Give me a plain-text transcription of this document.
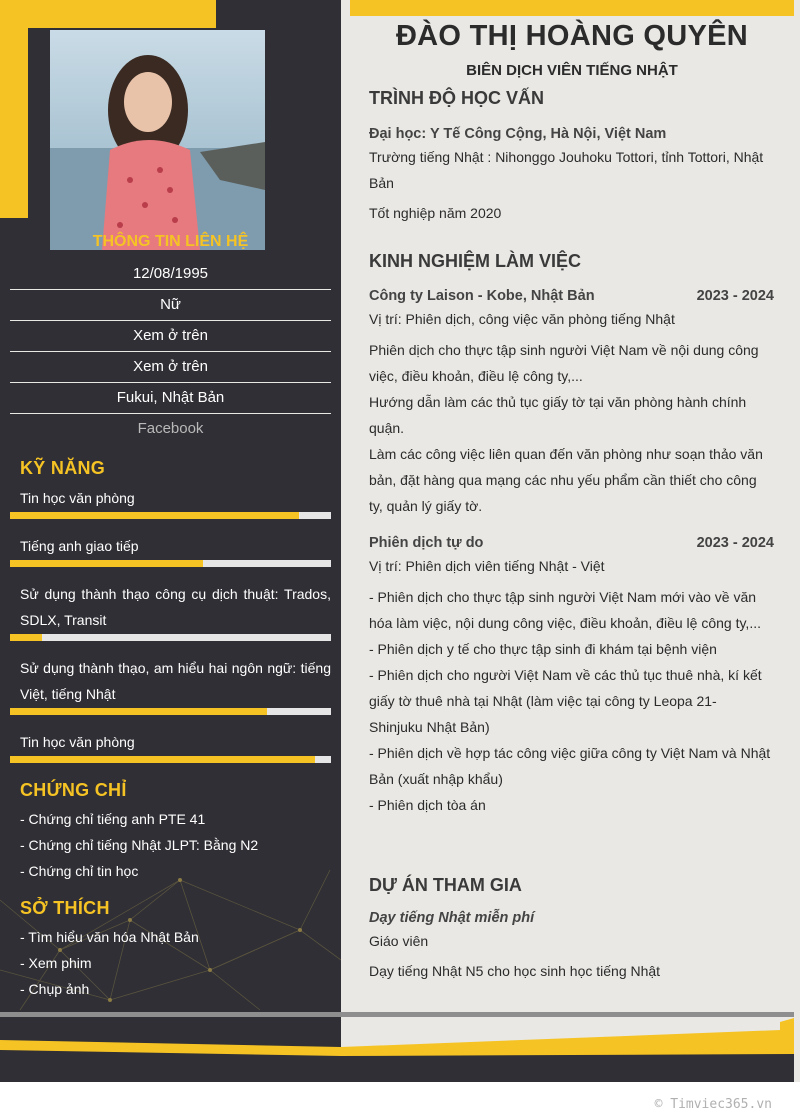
THÔNG TIN LIÊN HỆ
12/08/1995
Nữ
Xem ở trên
Xem ở trên
Fukui, Nhật Bản
Facebook
KỸ NĂNG
Tin học văn phòng
Tiếng anh giao tiếp
Sử dụng thành thạo công cụ dịch thuật: Trados, SDLX, Transit
Sử dụng thành thạo, am hiểu hai ngôn ngữ: tiếng Việt, tiếng Nhật
Tin học văn phòng
CHỨNG CHỈ
- Chứng chỉ tiếng anh PTE 41
- Chứng chỉ tiếng Nhật JLPT: Bằng N2
- Chứng chỉ tin học
SỞ THÍCH
- Tìm hiểu văn hóa Nhật Bản
- Xem phim
- Chụp ảnh
ĐÀO THỊ HOÀNG QUYÊN
BIÊN DỊCH VIÊN TIẾNG NHẬT
TRÌNH ĐỘ HỌC VẤN
Đại học: Y Tế Công Cộng, Hà Nội, Việt Nam
Trường tiếng Nhật : Nihonggo Jouhoku Tottori, tỉnh Tottori, Nhật Bản
Tốt nghiệp năm 2020
KINH NGHIỆM LÀM VIỆC
Công ty Laison - Kobe, Nhật Bản	2023 - 2024
Vị trí: Phiên dịch, công việc văn phòng tiếng Nhật
Phiên dịch cho thực tập sinh người Việt Nam về nội dung công việc, điều khoản, điều lệ công ty,...
Hướng dẫn làm các thủ tục giấy tờ tại văn phòng hành chính quận.
Làm các công việc liên quan đến văn phòng như soạn thảo văn bản, đặt hàng qua mạng các nhu yếu phẩm cần thiết cho công ty, quản lý giấy tờ.
Phiên dịch tự do	2023 - 2024
Vị trí: Phiên dịch viên tiếng Nhật - Việt
- Phiên dịch cho thực tập sinh người Việt Nam mới vào về văn hóa làm việc, nội dung công việc, điều khoản, điều lệ công ty,...
- Phiên dịch y tế cho thực tập sinh đi khám tại bệnh viện
- Phiên dịch cho người Việt Nam về các thủ tục thuê nhà, kí kết giấy tờ thuê nhà tại Nhật (làm việc tại công ty Leopa 21- Shinjuku Nhật Bản)
- Phiên dịch về hợp tác công việc giữa công ty Việt Nam và Nhật Bản (xuất nhập khẩu)
- Phiên dịch tòa án
DỰ ÁN THAM GIA
Dạy tiếng Nhật miễn phí
Giáo viên
Dạy tiếng Nhật N5 cho học sinh học tiếng Nhật
© Timviec365.vn
